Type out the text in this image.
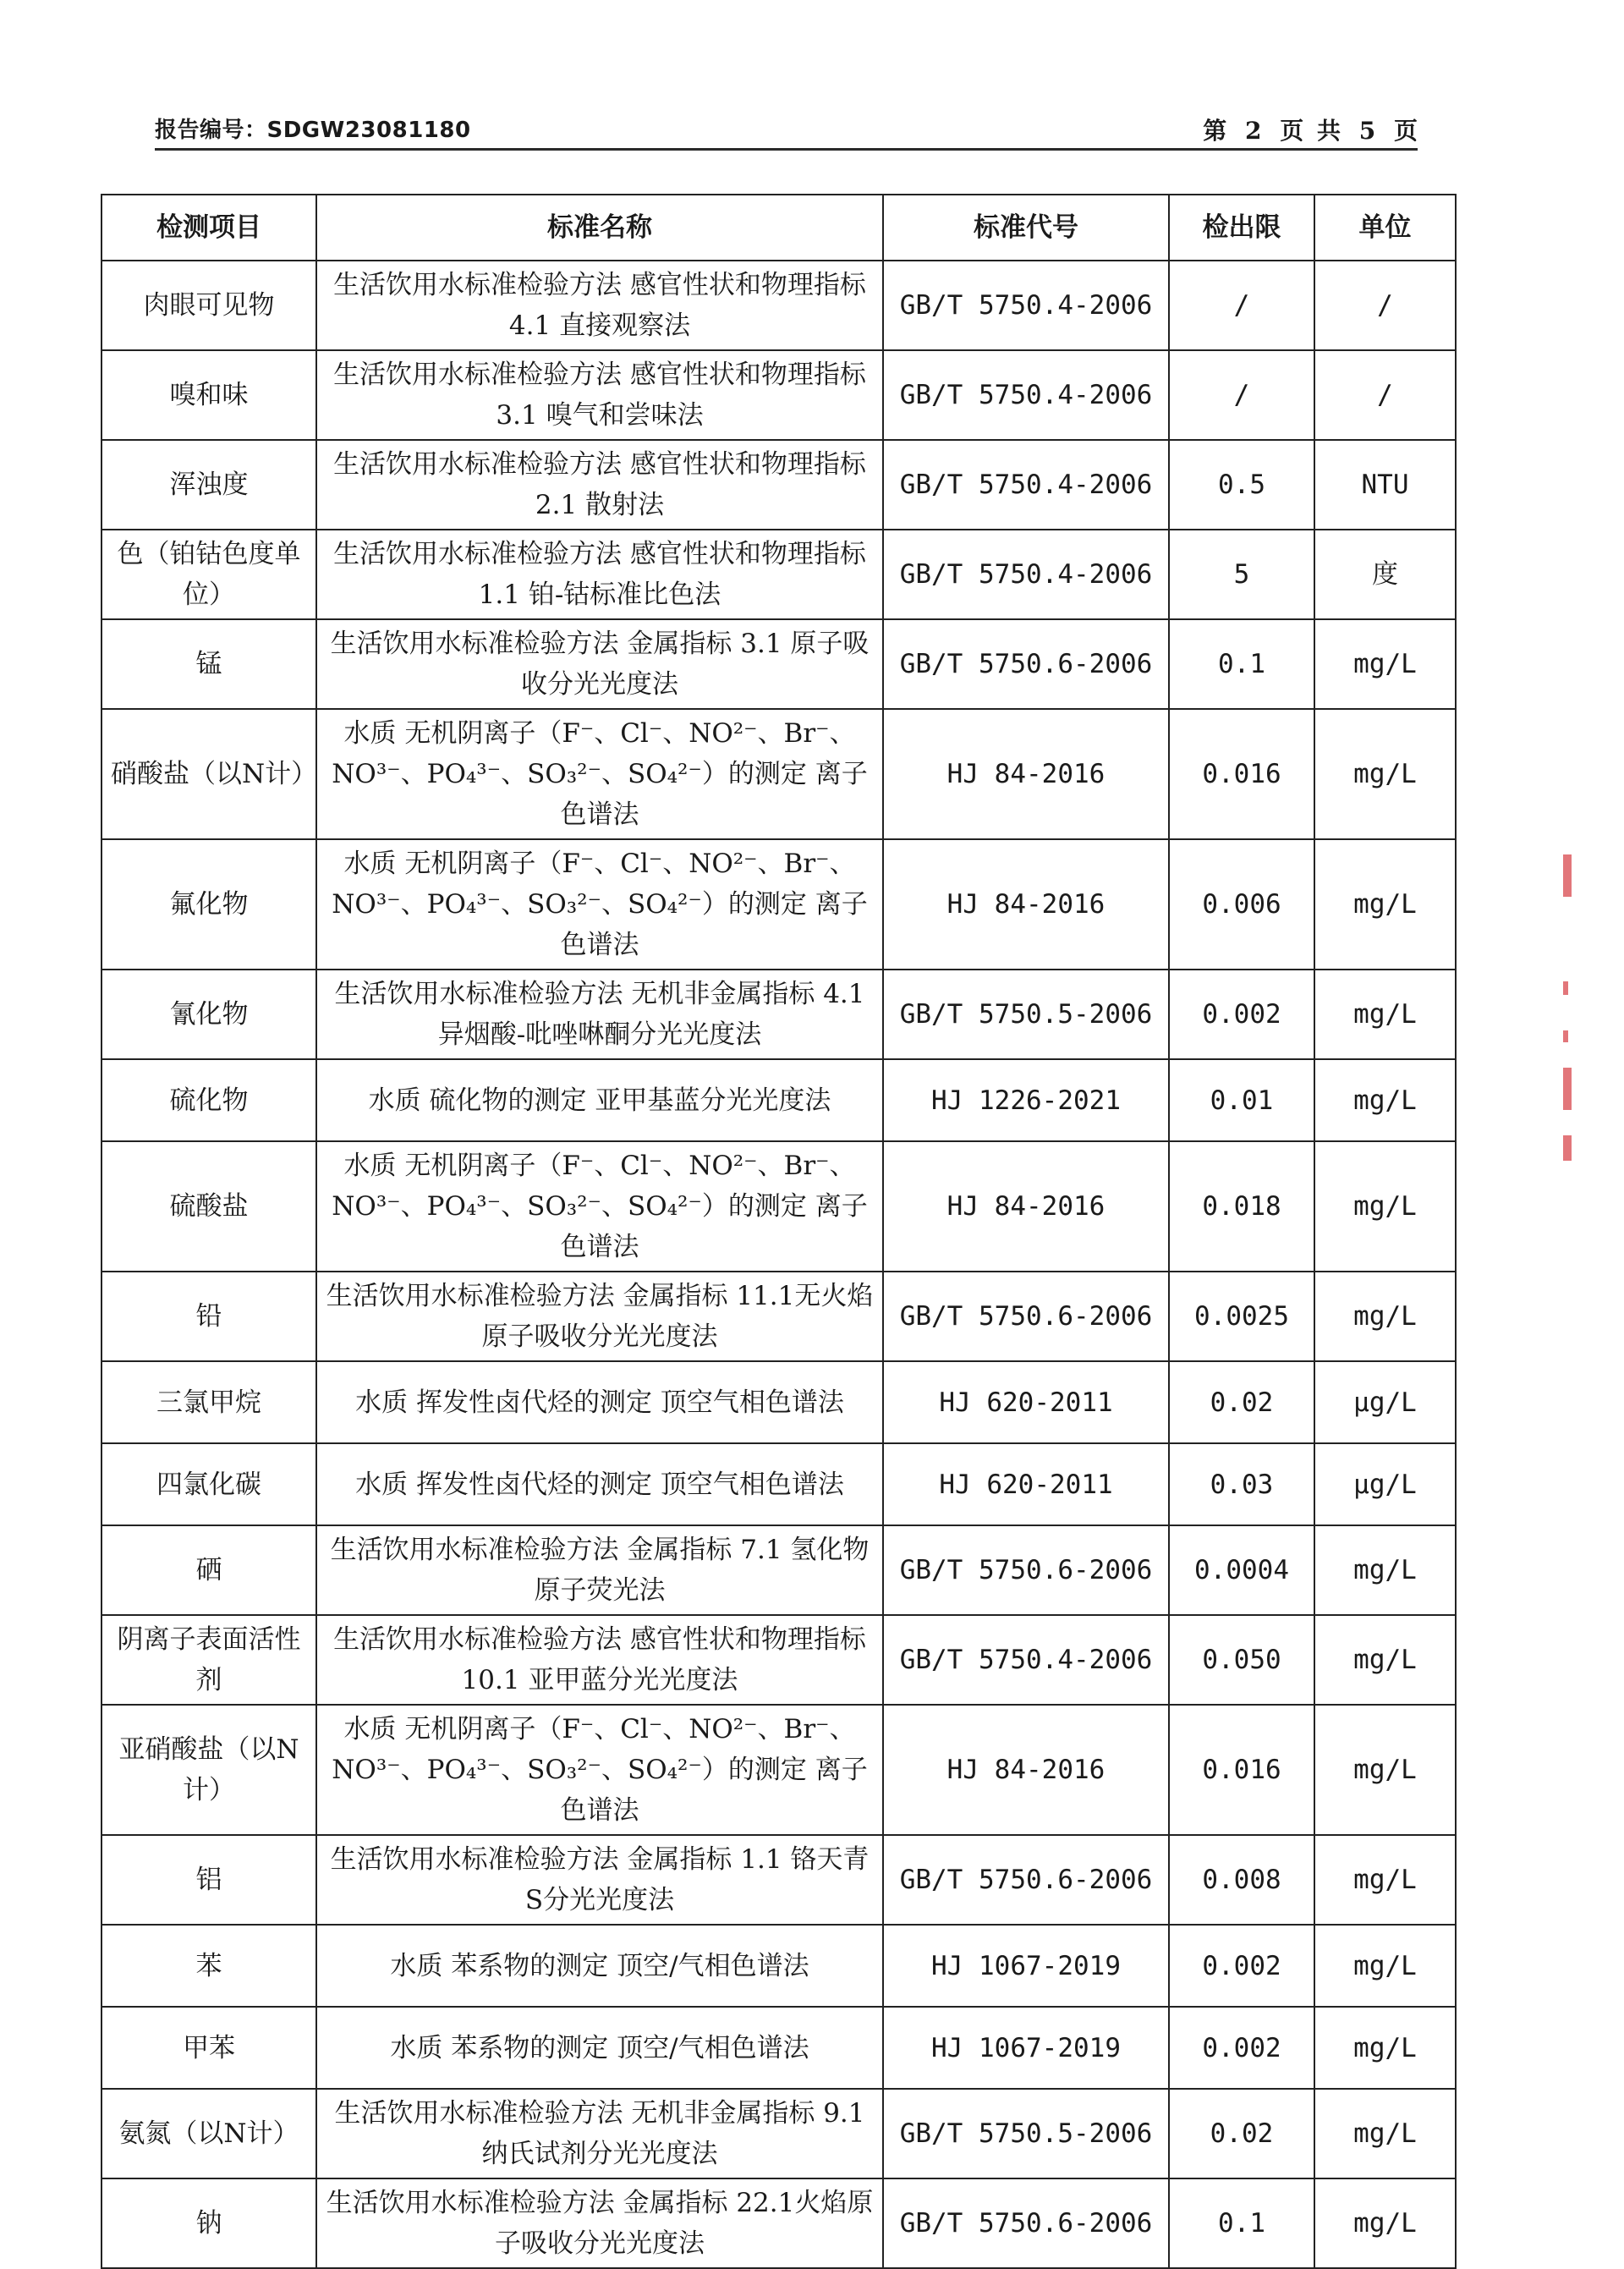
报告编号：SDGW23081180	第 2 页 共 5 页
检测项目	标准名称	标准代号	检出限	单位
肉眼可见物	生活饮用水标准检验方法 感官性状和物理指标 4.1 直接观察法	GB/T 5750.4-2006	/	/
嗅和味	生活饮用水标准检验方法 感官性状和物理指标 3.1 嗅气和尝味法	GB/T 5750.4-2006	/	/
浑浊度	生活饮用水标准检验方法 感官性状和物理指标 2.1 散射法	GB/T 5750.4-2006	0.5	NTU
色（铂钴色度单位）	生活饮用水标准检验方法 感官性状和物理指标 1.1 铂-钴标准比色法	GB/T 5750.4-2006	5	度
锰	生活饮用水标准检验方法 金属指标 3.1 原子吸收分光光度法	GB/T 5750.6-2006	0.1	mg/L
硝酸盐（以N计）	水质 无机阴离子（F⁻、Cl⁻、NO²⁻、Br⁻、NO³⁻、PO₄³⁻、SO₃²⁻、SO₄²⁻）的测定 离子色谱法	HJ 84-2016	0.016	mg/L
氟化物	水质 无机阴离子（F⁻、Cl⁻、NO²⁻、Br⁻、NO³⁻、PO₄³⁻、SO₃²⁻、SO₄²⁻）的测定 离子色谱法	HJ 84-2016	0.006	mg/L
氰化物	生活饮用水标准检验方法 无机非金属指标 4.1 异烟酸-吡唑啉酮分光光度法	GB/T 5750.5-2006	0.002	mg/L
硫化物	水质 硫化物的测定 亚甲基蓝分光光度法	HJ 1226-2021	0.01	mg/L
硫酸盐	水质 无机阴离子（F⁻、Cl⁻、NO²⁻、Br⁻、NO³⁻、PO₄³⁻、SO₃²⁻、SO₄²⁻）的测定 离子色谱法	HJ 84-2016	0.018	mg/L
铅	生活饮用水标准检验方法 金属指标 11.1无火焰原子吸收分光光度法	GB/T 5750.6-2006	0.0025	mg/L
三氯甲烷	水质 挥发性卤代烃的测定 顶空气相色谱法	HJ 620-2011	0.02	μg/L
四氯化碳	水质 挥发性卤代烃的测定 顶空气相色谱法	HJ 620-2011	0.03	μg/L
硒	生活饮用水标准检验方法 金属指标 7.1 氢化物原子荧光法	GB/T 5750.6-2006	0.0004	mg/L
阴离子表面活性剂	生活饮用水标准检验方法 感官性状和物理指标 10.1 亚甲蓝分光光度法	GB/T 5750.4-2006	0.050	mg/L
亚硝酸盐（以N计）	水质 无机阴离子（F⁻、Cl⁻、NO²⁻、Br⁻、NO³⁻、PO₄³⁻、SO₃²⁻、SO₄²⁻）的测定 离子色谱法	HJ 84-2016	0.016	mg/L
铝	生活饮用水标准检验方法 金属指标 1.1 铬天青S分光光度法	GB/T 5750.6-2006	0.008	mg/L
苯	水质 苯系物的测定 顶空/气相色谱法	HJ 1067-2019	0.002	mg/L
甲苯	水质 苯系物的测定 顶空/气相色谱法	HJ 1067-2019	0.002	mg/L
氨氮（以N计）	生活饮用水标准检验方法 无机非金属指标 9.1 纳氏试剂分光光度法	GB/T 5750.5-2006	0.02	mg/L
钠	生活饮用水标准检验方法 金属指标 22.1火焰原子吸收分光光度法	GB/T 5750.6-2006	0.1	mg/L
